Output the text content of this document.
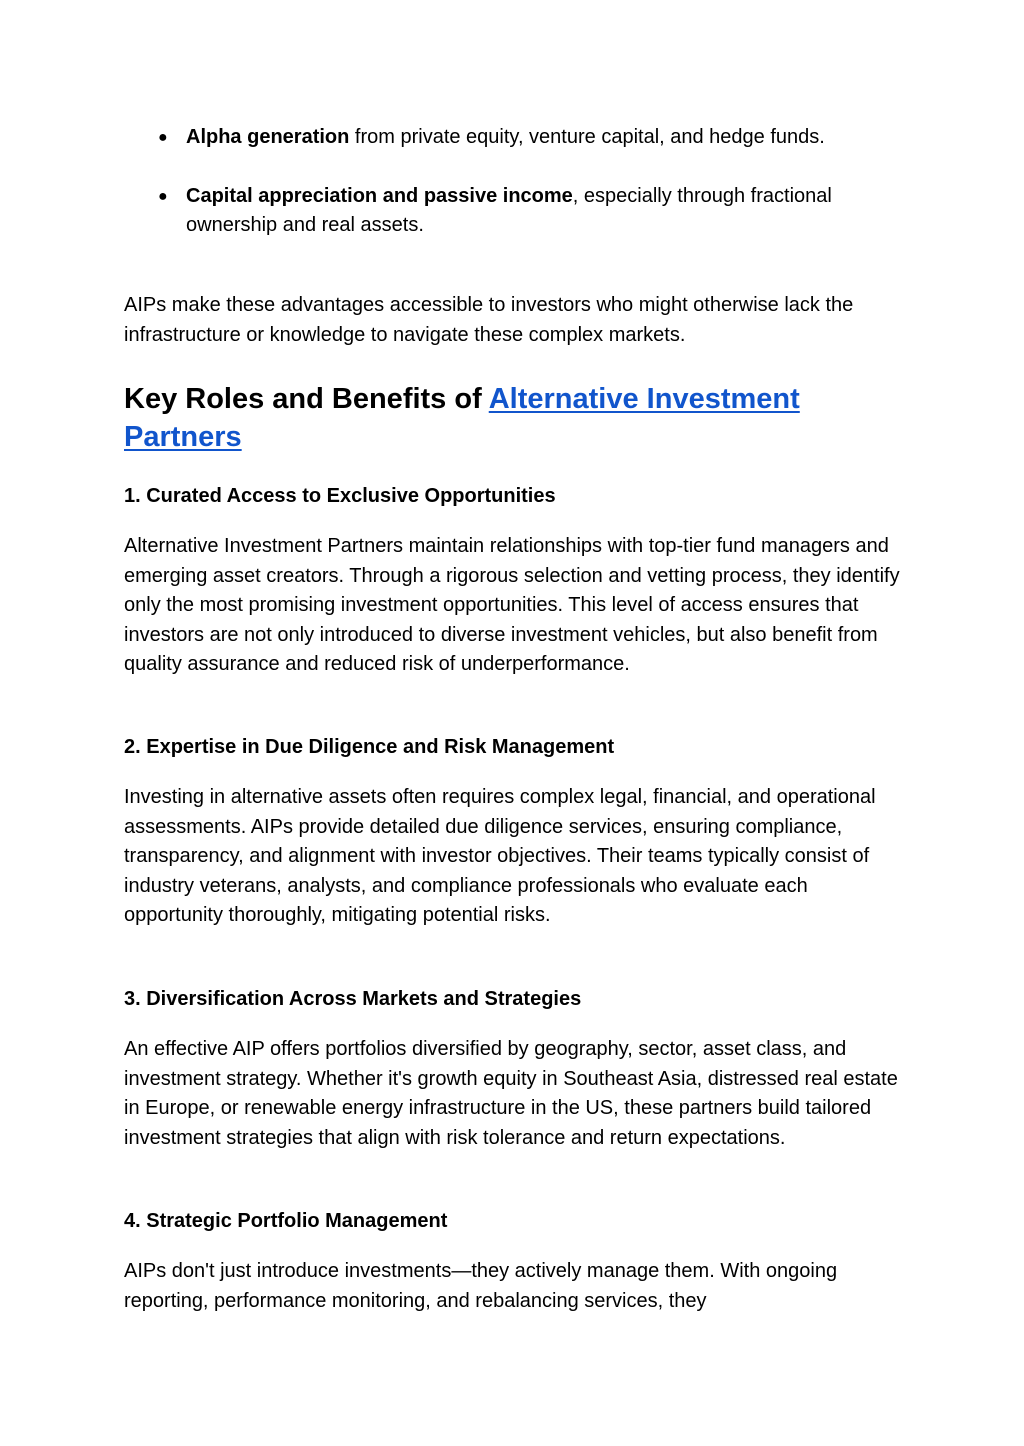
● Alpha generation from private equity, venture capital, and hedge funds.
● Capital appreciation and passive income, especially through fractional ownership and real assets.

AIPs make these advantages accessible to investors who might otherwise lack the infrastructure or knowledge to navigate these complex markets.

Key Roles and Benefits of Alternative Investment Partners
1. Curated Access to Exclusive Opportunities

Alternative Investment Partners maintain relationships with top-tier fund managers and emerging asset creators. Through a rigorous selection and vetting process, they identify only the most promising investment opportunities. This level of access ensures that investors are not only introduced to diverse investment vehicles, but also benefit from quality assurance and reduced risk of underperformance.

2. Expertise in Due Diligence and Risk Management

Investing in alternative assets often requires complex legal, financial, and operational assessments. AIPs provide detailed due diligence services, ensuring compliance, transparency, and alignment with investor objectives. Their teams typically consist of industry veterans, analysts, and compliance professionals who evaluate each opportunity thoroughly, mitigating potential risks.

3. Diversification Across Markets and Strategies

An effective AIP offers portfolios diversified by geography, sector, asset class, and investment strategy. Whether it's growth equity in Southeast Asia, distressed real estate in Europe, or renewable energy infrastructure in the US, these partners build tailored investment strategies that align with risk tolerance and return expectations.

4. Strategic Portfolio Management

AIPs don't just introduce investments—they actively manage them. With ongoing reporting, performance monitoring, and rebalancing services, they
